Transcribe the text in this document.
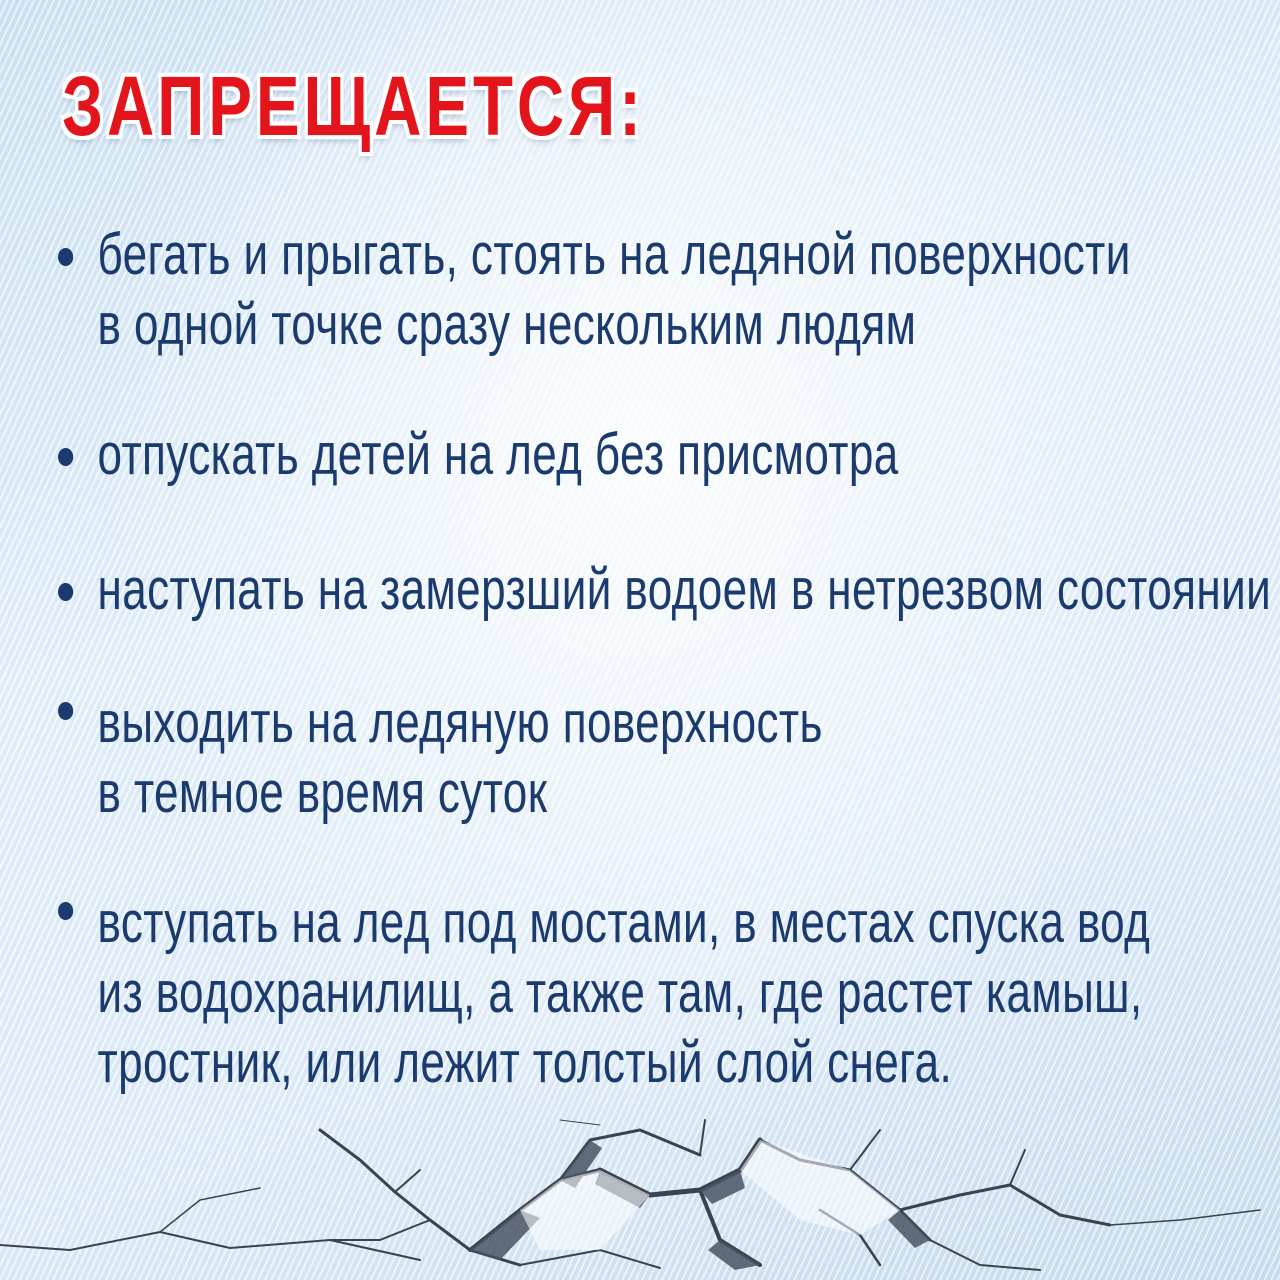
ЗАПРЕЩАЕТСЯ:
бегать и прыгать, стоять на ледяной поверхности
в одной точке сразу нескольким людям
отпускать детей на лед без присмотра
наступать на замерзший водоем в нетрезвом состоянии
выходить на ледяную поверхность
в темное время суток
вступать на лед под мостами, в местах спуска вод
из водохранилищ, а также там, где растет камыш,
тростник, или лежит толстый слой снега.
